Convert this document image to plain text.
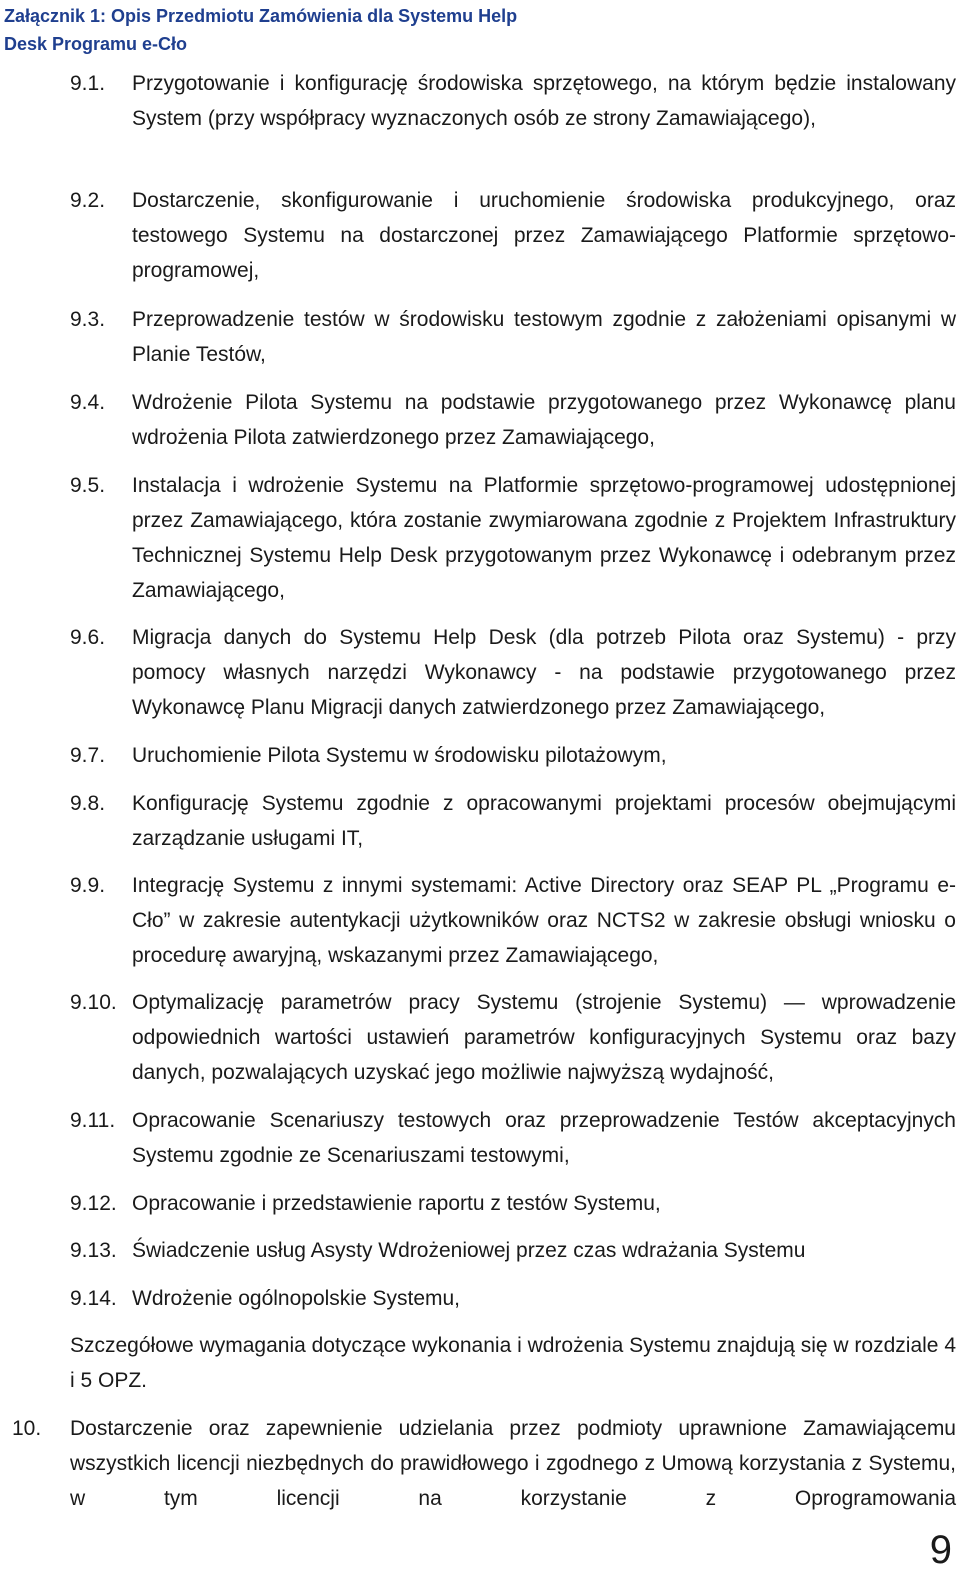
Załącznik 1: Opis Przedmiotu Zamówienia dla Systemu Help
Desk Programu e-Cło
9.1.	Przygotowanie i konfigurację środowiska sprzętowego, na którym będzie instalowany System (przy współpracy wyznaczonych osób ze strony Zamawiającego),
9.2.	Dostarczenie, skonfigurowanie i uruchomienie środowiska produkcyjnego, oraz testowego Systemu na dostarczonej przez Zamawiającego Platformie sprzętowo-programowej,
9.3.	Przeprowadzenie testów w środowisku testowym zgodnie z założeniami opisanymi w Planie Testów,
9.4.	Wdrożenie Pilota Systemu na podstawie przygotowanego przez Wykonawcę planu wdrożenia Pilota zatwierdzonego przez Zamawiającego,
9.5.	Instalacja i wdrożenie Systemu na Platformie sprzętowo-programowej udostępnionej przez Zamawiającego, która zostanie zwymiarowana zgodnie z Projektem Infrastruktury Technicznej Systemu Help Desk przygotowanym przez Wykonawcę i odebranym przez Zamawiającego,
9.6.	Migracja danych do Systemu Help Desk (dla potrzeb Pilota oraz Systemu) - przy pomocy własnych narzędzi Wykonawcy - na podstawie przygotowanego przez Wykonawcę Planu Migracji danych zatwierdzonego przez Zamawiającego,
9.7.	Uruchomienie Pilota Systemu w środowisku pilotażowym,
9.8.	Konfigurację Systemu zgodnie z opracowanymi projektami procesów obejmującymi zarządzanie usługami IT,
9.9.	Integrację Systemu z innymi systemami: Active Directory oraz SEAP PL „Programu e-Cło” w zakresie autentykacji użytkowników oraz NCTS2 w zakresie obsługi wniosku o procedurę awaryjną, wskazanymi przez Zamawiającego,
9.10. Optymalizację parametrów pracy Systemu (strojenie Systemu) — wprowadzenie odpowiednich wartości ustawień parametrów konfiguracyjnych Systemu oraz bazy danych, pozwalających uzyskać jego możliwie najwyższą wydajność,
9.11. Opracowanie Scenariuszy testowych oraz przeprowadzenie Testów akceptacyjnych Systemu zgodnie ze Scenariuszami testowymi,
9.12. Opracowanie i przedstawienie raportu z testów Systemu,
9.13. Świadczenie usług Asysty Wdrożeniowej przez czas wdrażania Systemu
9.14. Wdrożenie ogólnopolskie Systemu,
Szczegółowe wymagania dotyczące wykonania i wdrożenia Systemu znajdują się w rozdziale 4 i 5 OPZ.
10.	Dostarczenie oraz zapewnienie udzielania przez podmioty uprawnione Zamawiającemu wszystkich licencji niezbędnych do prawidłowego i zgodnego z Umową korzystania z Systemu, w tym licencji na korzystanie z Oprogramowania
9
